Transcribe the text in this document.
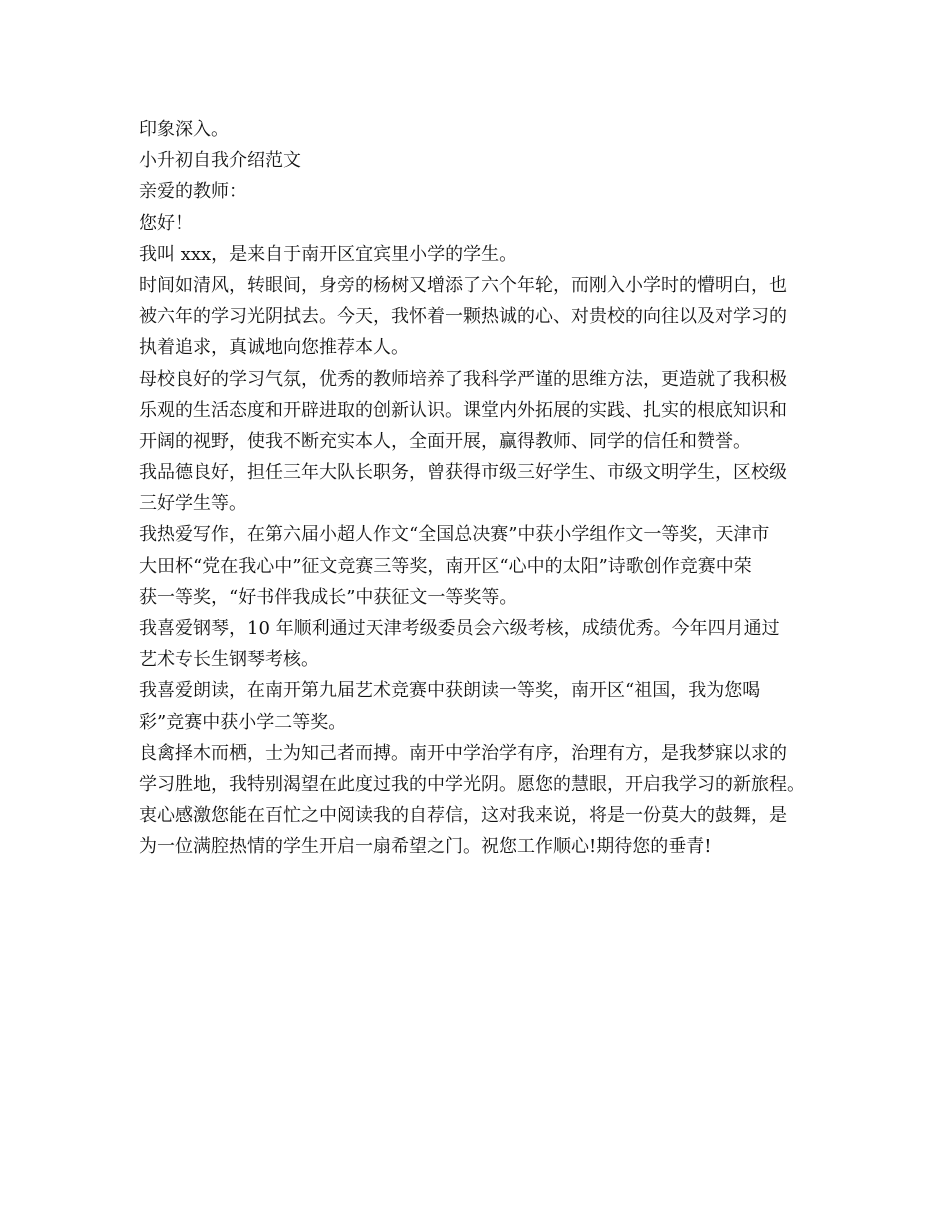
印象深入。
小升初自我介绍范文
亲爱的教师：
您好！
我叫 xxx，是来自于南开区宜宾里小学的学生。
时间如清风，转眼间，身旁的杨树又增添了六个年轮，而刚入小学时的懵明白，也
被六年的学习光阴拭去。今天，我怀着一颗热诚的心、对贵校的向往以及对学习的
执着追求，真诚地向您推荐本人。
母校良好的学习气氛，优秀的教师培养了我科学严谨的思维方法，更造就了我积极
乐观的生活态度和开辟进取的创新认识。课堂内外拓展的实践、扎实的根底知识和
开阔的视野，使我不断充实本人，全面开展，赢得教师、同学的信任和赞誉。
我品德良好，担任三年大队长职务，曾获得市级三好学生、市级文明学生，区校级
三好学生等。
我热爱写作，在第六届小超人作文“全国总决赛”中获小学组作文一等奖，天津市
大田杯“党在我心中”征文竞赛三等奖，南开区“心中的太阳”诗歌创作竞赛中荣
获一等奖，“好书伴我成长”中获征文一等奖等。
我喜爱钢琴，10 年顺利通过天津考级委员会六级考核，成绩优秀。今年四月通过
艺术专长生钢琴考核。
我喜爱朗读，在南开第九届艺术竞赛中获朗读一等奖，南开区“祖国，我为您喝
彩”竞赛中获小学二等奖。
良禽择木而栖，士为知己者而搏。南开中学治学有序，治理有方，是我梦寐以求的
学习胜地，我特别渴望在此度过我的中学光阴。愿您的慧眼，开启我学习的新旅程。
衷心感激您能在百忙之中阅读我的自荐信，这对我来说，将是一份莫大的鼓舞，是
为一位满腔热情的学生开启一扇希望之门。祝您工作顺心!期待您的垂青!
